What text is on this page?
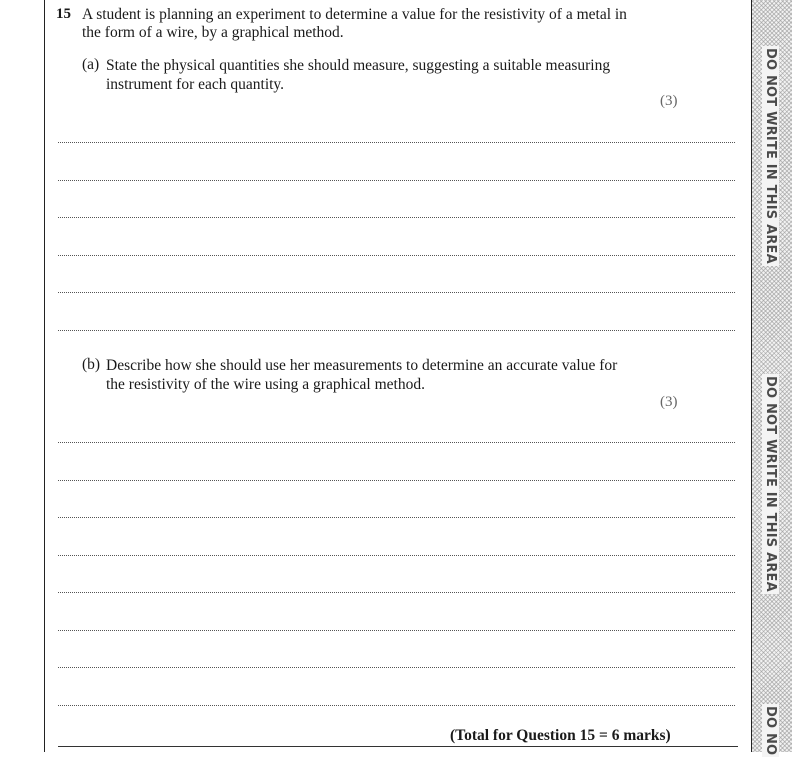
DO NOT WRITE IN THIS AREA
DO NOT WRITE IN THIS AREA
DO NO
15 A student is planning an experiment to determine a value for the resistivity of a metal in
the form of a wire, by a graphical method.
(a) State the physical quantities she should measure, suggesting a suitable measuring
instrument for each quantity.
(3)
(b) Describe how she should use her measurements to determine an accurate value for
the resistivity of the wire using a graphical method.
(3)
(Total for Question 15 = 6 marks)
